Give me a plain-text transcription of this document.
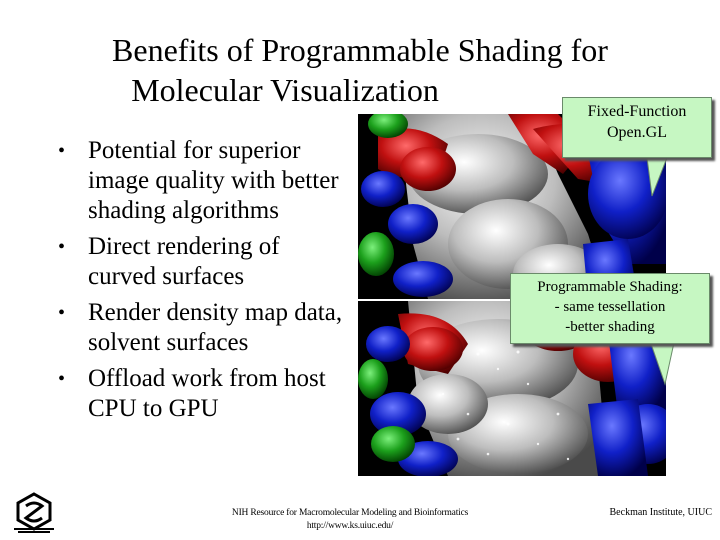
Benefits of Programmable Shading for
Molecular Visualization
• Potential for superior image quality with better shading algorithms
• Direct rendering of curved surfaces
• Render density map data, solvent surfaces
• Offload work from host CPU to GPU
Fixed-Function
Open.GL
Programmable Shading:
- same tessellation
-better shading
NIH Resource for Macromolecular Modeling and Bioinformatics
http://www.ks.uiuc.edu/
Beckman Institute, UIUC
